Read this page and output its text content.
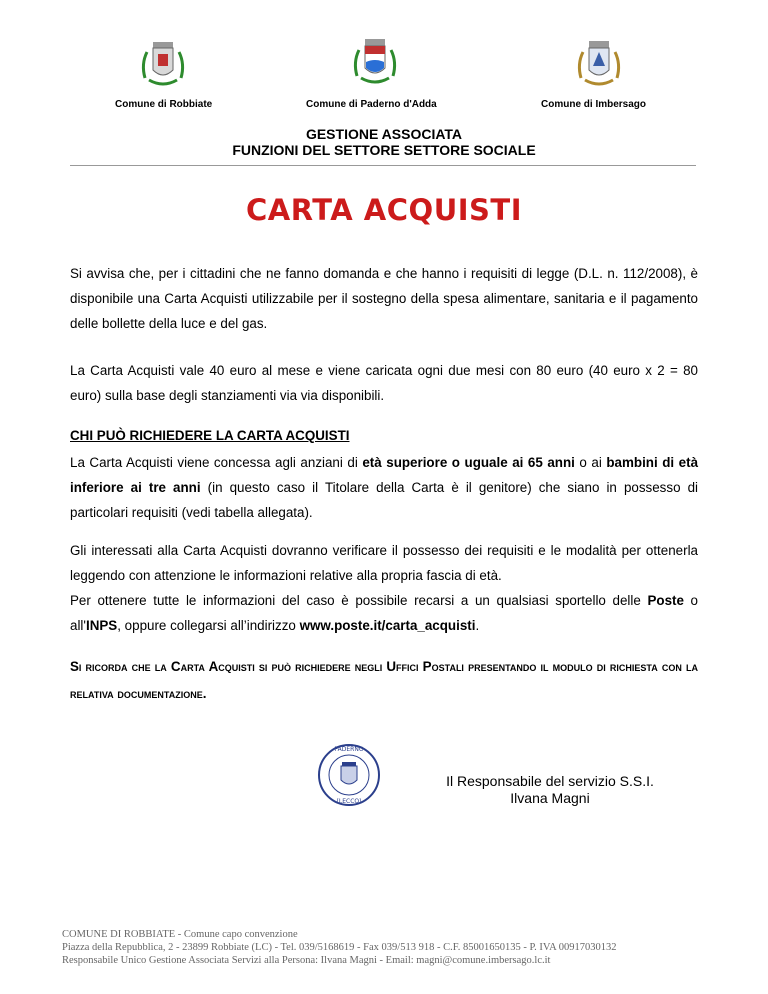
Comune di Robbiate	Comune di Paderno d'Adda	Comune di Imbersago
GESTIONE ASSOCIATA
FUNZIONI DEL SETTORE SETTORE SOCIALE
CARTA ACQUISTI
Si avvisa che, per i cittadini che ne fanno domanda e che hanno i requisiti di legge (D.L. n. 112/2008), è disponibile una Carta Acquisti utilizzabile per il sostegno della spesa alimentare, sanitaria e il pagamento delle bollette della luce e del gas.
La Carta Acquisti vale 40 euro al mese e viene caricata ogni due mesi con 80 euro (40 euro x 2 = 80 euro) sulla base degli stanziamenti via via disponibili.
CHI PUÒ RICHIEDERE LA CARTA ACQUISTI
La Carta Acquisti viene concessa agli anziani di età superiore o uguale ai 65 anni o ai bambini di età inferiore ai tre anni (in questo caso il Titolare della Carta è il genitore) che siano in possesso di particolari requisiti (vedi tabella allegata).
Gli interessati alla Carta Acquisti dovranno verificare il possesso dei requisiti e le modalità per ottenerla leggendo con attenzione le informazioni relative alla propria fascia di età.
Per ottenere tutte le informazioni del caso è possibile recarsi a un qualsiasi sportello delle Poste o all'INPS, oppure collegarsi all’indirizzo www.poste.it/carta_acquisti.
Si ricorda che la Carta Acquisti si può richiedere negli Uffici Postali presentando il modulo di richiesta con la relativa documentazione.
PADERNO
(LECCO)
Il Responsabile del servizio S.S.I.
Ilvana Magni
COMUNE DI ROBBIATE - Comune capo convenzione
Piazza della Repubblica, 2 - 23899 Robbiate (LC) - Tel. 039/5168619 - Fax 039/513 918 - C.F. 85001650135 - P. IVA 00917030132
Responsabile Unico Gestione Associata Servizi alla Persona: Ilvana Magni - Email: magni@comune.imbersago.lc.it
